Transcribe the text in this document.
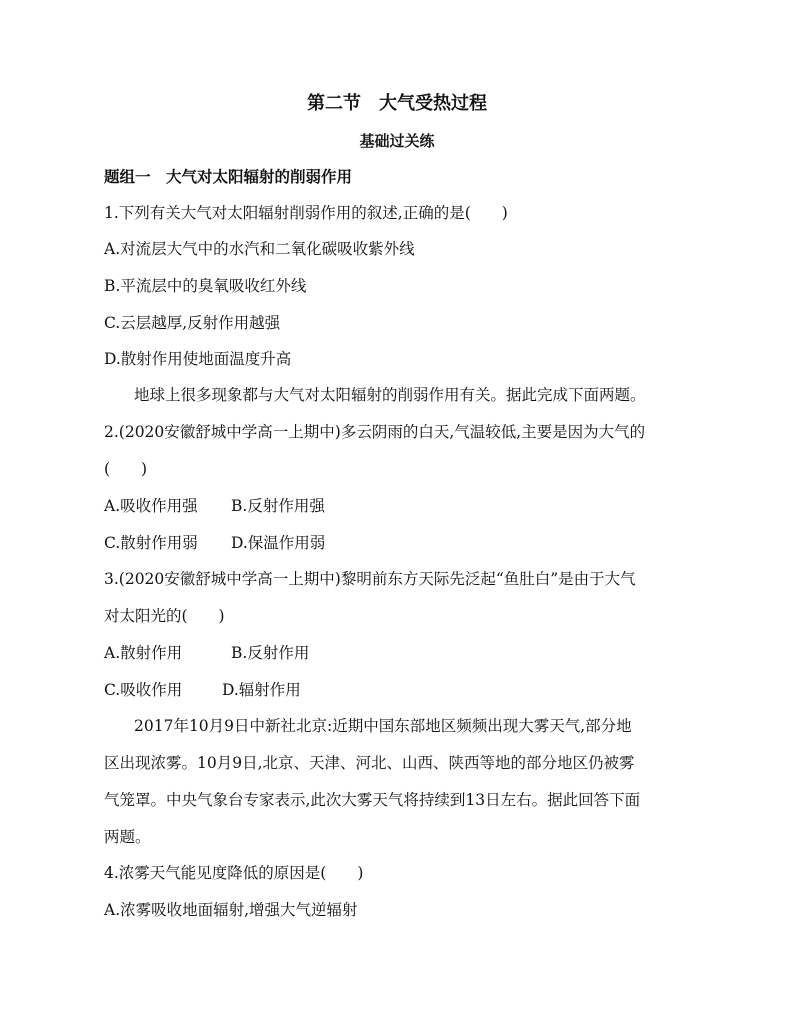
第二节　大气受热过程
基础过关练
题组一　大气对太阳辐射的削弱作用
1.下列有关大气对太阳辐射削弱作用的叙述,正确的是(　　)
A.对流层大气中的水汽和二氧化碳吸收紫外线
B.平流层中的臭氧吸收红外线
C.云层越厚,反射作用越强
D.散射作用使地面温度升高
地球上很多现象都与大气对太阳辐射的削弱作用有关。据此完成下面两题。
2.(2020安徽舒城中学高一上期中)多云阴雨的白天,气温较低,主要是因为大气的
(　　)
A.吸收作用强 B.反射作用强
C.散射作用弱 D.保温作用弱
3.(2020安徽舒城中学高一上期中)黎明前东方天际先泛起“鱼肚白”是由于大气
对太阳光的(　　)
A.散射作用	B.反射作用
C.吸收作用	D.辐射作用
2017年10月9日中新社北京:近期中国东部地区频频出现大雾天气,部分地
区出现浓雾。10月9日,北京、天津、河北、山西、陕西等地的部分地区仍被雾
气笼罩。中央气象台专家表示,此次大雾天气将持续到13日左右。据此回答下面
两题。
4.浓雾天气能见度降低的原因是(　　)
A.浓雾吸收地面辐射,增强大气逆辐射
